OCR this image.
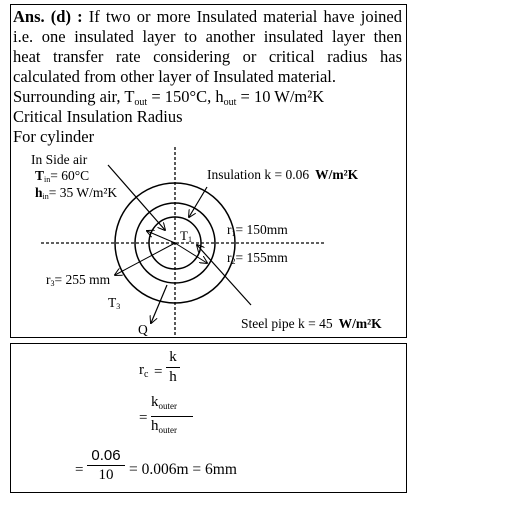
Ans. (d) : If two or more Insulated material have joined
i.e. one insulated layer to another insulated layer then
heat transfer rate considering or critical radius has
calculated from other layer of Insulated material.
Surrounding air, $T_{out} = 150^\circ C$, $h_{out} = 10$ W/m²K
Critical Insulation Radius
For cylinder
In Side air
Tin= 60°C
hin= 35 W/m²K
Insulation k = 0.06 W/m²K
r1= 150mm
r2= 155mm
r3= 255 mm
T1
T3
Q	Steel pipe k = 45 W/m²K
$r_c$ =
k
h
=
$k_{outer}$
$h_{outer}$
=
0.06
10	= 0.006m = 6mm
